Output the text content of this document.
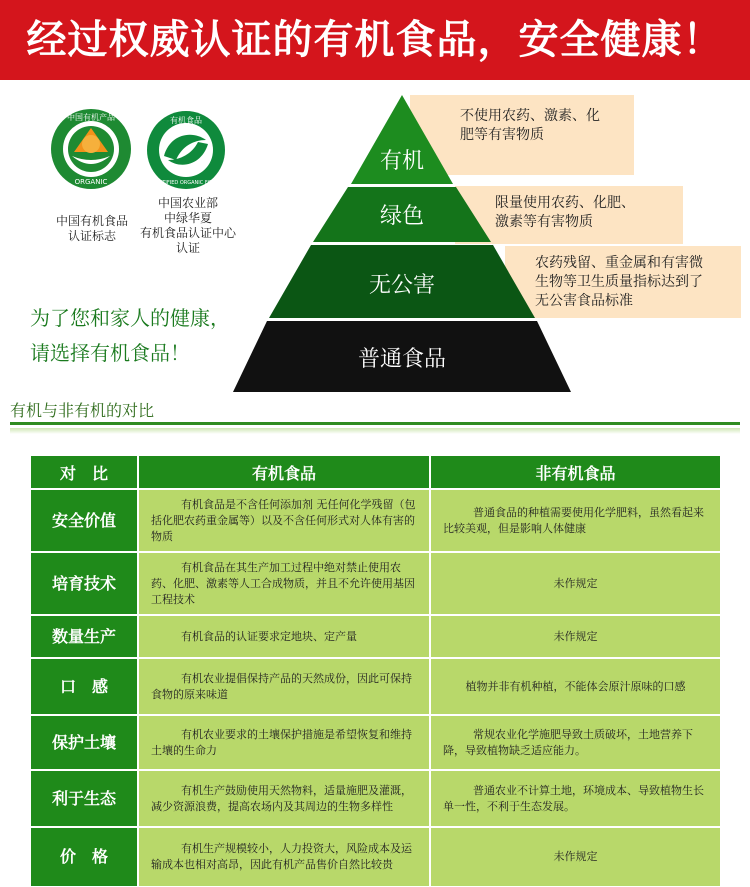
经过权威认证的有机食品，安全健康！
中国有机产品
ORGANIC
中国有机食品
认证标志
有机食品
CERTIFIED ORGANIC FOOD
中国农业部
中绿华夏
有机食品认证中心
认证
为了您和家人的健康，
请选择有机食品！
不使用农药、激素、化
肥等有害物质
限量使用农药、化肥、
激素等有害物质
农药残留、重金属和有害微
生物等卫生质量指标达到了
无公害食品标准
有机
绿色
无公害
普通食品
有机与非有机的对比
对　比	有机食品	非有机食品
安全价值	有机食品是不含任何添加剂 无任何化学残留（包括化肥农药重金属等）以及不含任何形式对人体有害的物质	普通食品的种植需要使用化学肥料，虽然看起来比较美观，但是影响人体健康
培育技术	有机食品在其生产加工过程中绝对禁止使用农药、化肥、激素等人工合成物质，并且不允许使用基因工程技术	未作规定
数量生产	有机食品的认证要求定地块、定产量	未作规定
口　感	有机农业提倡保持产品的天然成份，因此可保持食物的原来味道	植物并非有机种植，不能体会原汁原味的口感
保护土壤	有机农业要求的土壤保护措施是希望恢复和维持土壤的生命力	常规农业化学施肥导致土质破坏，土地营养下降，导致植物缺乏适应能力。
利于生态	有机生产鼓励使用天然物料，适量施肥及灌溉，减少资源浪费，提高农场内及其周边的生物多样性	普通农业不计算土地，环境成本、导致植物生长单一性，不利于生态发展。
价　格	有机生产规模较小，人力投资大，风险成本及运输成本也相对高昂，因此有机产品售价自然比较贵	未作规定
